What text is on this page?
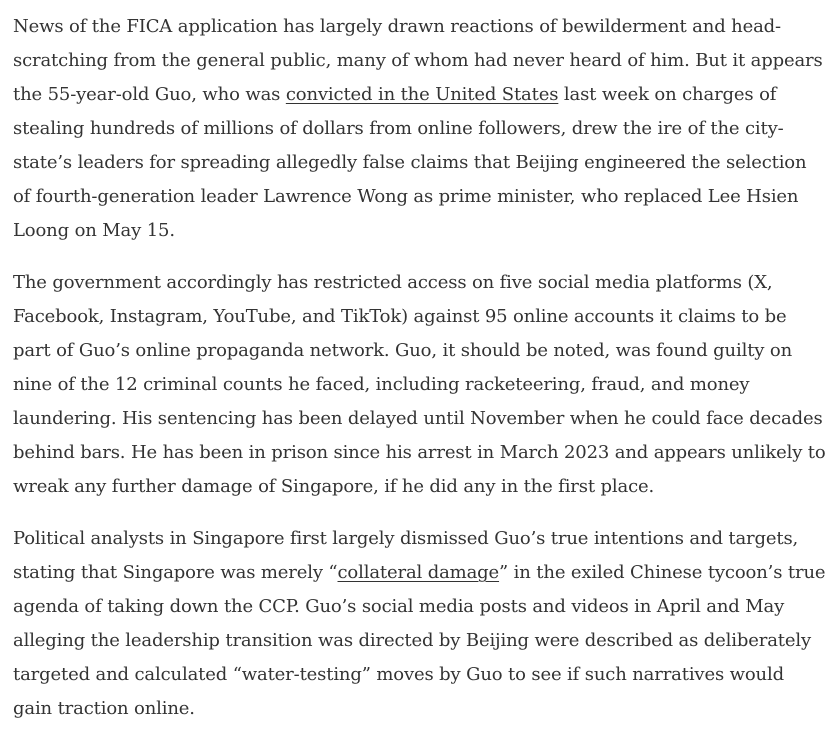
News of the FICA application has largely drawn reactions of bewilderment and head-scratching from the general public, many of whom had never heard of him. But it appears the 55-year-old Guo, who was convicted in the United States last week on charges of stealing hundreds of millions of dollars from online followers, drew the ire of the city-state’s leaders for spreading allegedly false claims that Beijing engineered the selection of fourth-generation leader Lawrence Wong as prime minister, who replaced Lee Hsien Loong on May 15.

The government accordingly has restricted access on five social media platforms (X, Facebook, Instagram, YouTube, and TikTok) against 95 online accounts it claims to be part of Guo’s online propaganda network. Guo, it should be noted, was found guilty on nine of the 12 criminal counts he faced, including racketeering, fraud, and money laundering. His sentencing has been delayed until November when he could face decades behind bars. He has been in prison since his arrest in March 2023 and appears unlikely to wreak any further damage of Singapore, if he did any in the first place.

Political analysts in Singapore first largely dismissed Guo’s true intentions and targets, stating that Singapore was merely “collateral damage” in the exiled Chinese tycoon’s true agenda of taking down the CCP. Guo’s social media posts and videos in April and May alleging the leadership transition was directed by Beijing were described as deliberately targeted and calculated “water-testing” moves by Guo to see if such narratives would gain traction online.
